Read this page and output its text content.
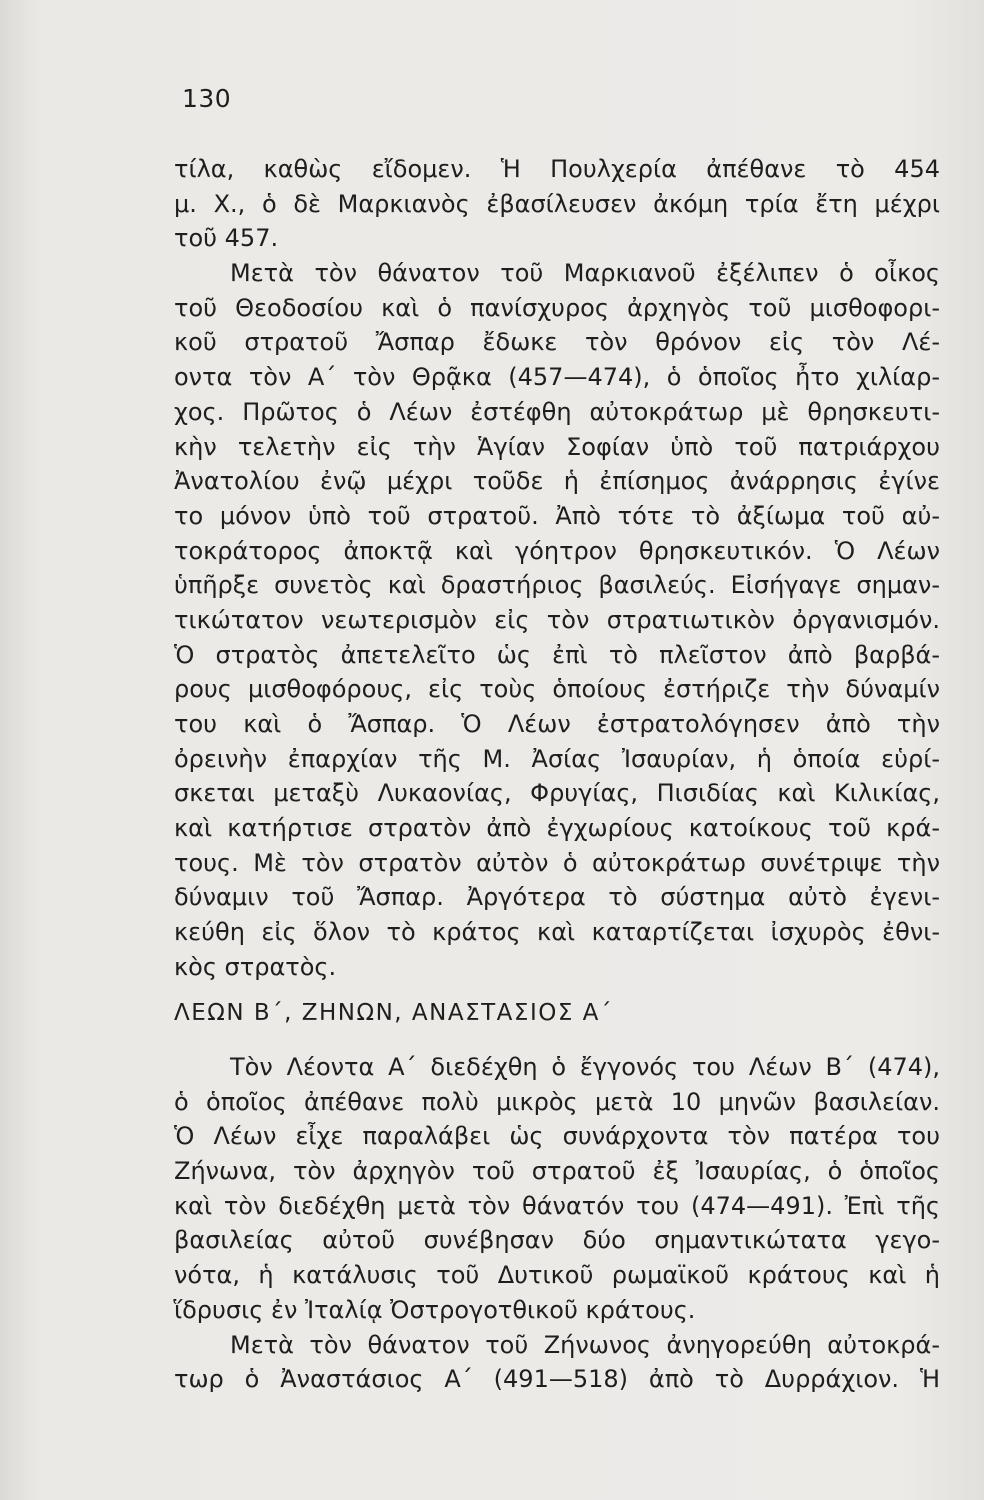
130
τίλα, καθὼς εἴδομεν. Ἡ Πουλχερία ἀπέθανε τὸ 454
μ. Χ., ὁ δὲ Μαρκιανὸς ἐβασίλευσεν ἀκόμη τρία ἔτη μέχρι
τοῦ 457.
Μετὰ τὸν θάνατον τοῦ Μαρκιανοῦ ἐξέλιπεν ὁ οἶκος
τοῦ Θεοδοσίου καὶ ὁ πανίσχυρος ἀρχηγὸς τοῦ μισθοφορι-
κοῦ στρατοῦ Ἄσπαρ ἔδωκε τὸν θρόνον εἰς τὸν Λέ-
οντα τὸν Α΄ τὸν Θρᾷκα (457—474), ὁ ὁποῖος ἦτο χιλίαρ-
χος. Πρῶτος ὁ Λέων ἐστέφθη αὐτοκράτωρ μὲ θρησκευτι-
κὴν τελετὴν εἰς τὴν Ἁγίαν Σοφίαν ὑπὸ τοῦ πατριάρχου
Ἀνατολίου ἐνῷ μέχρι τοῦδε ἡ ἐπίσημος ἀνάρρησις ἐγίνε
το μόνον ὑπὸ τοῦ στρατοῦ. Ἀπὸ τότε τὸ ἀξίωμα τοῦ αὐ-
τοκράτορος ἀποκτᾷ καὶ γόητρον θρησκευτικόν. Ὁ Λέων
ὑπῆρξε συνετὸς καὶ δραστήριος βασιλεύς. Εἰσήγαγε σημαν-
τικώτατον νεωτερισμὸν εἰς τὸν στρατιωτικὸν ὀργανισμόν.
Ὁ στρατὸς ἀπετελεῖτο ὡς ἐπὶ τὸ πλεῖστον ἀπὸ βαρβά-
ρους μισθοφόρους, εἰς τοὺς ὁποίους ἐστήριζε τὴν δύναμίν
του καὶ ὁ Ἄσπαρ. Ὁ Λέων ἐστρατολόγησεν ἀπὸ τὴν
ὀρεινὴν ἐπαρχίαν τῆς Μ. Ἀσίας Ἰσαυρίαν, ἡ ὁποία εὑρί-
σκεται μεταξὺ Λυκαονίας, Φρυγίας, Πισιδίας καὶ Κιλικίας,
καὶ κατήρτισε στρατὸν ἀπὸ ἐγχωρίους κατοίκους τοῦ κρά-
τους. Μὲ τὸν στρατὸν αὐτὸν ὁ αὐτοκράτωρ συνέτριψε τὴν
δύναμιν τοῦ Ἄσπαρ. Ἀργότερα τὸ σύστημα αὐτὸ ἐγενι-
κεύθη εἰς ὅλον τὸ κράτος καὶ καταρτίζεται ἰσχυρὸς ἐθνι-
κὸς στρατὸς.
ΛΕΩΝ Β΄, ΖΗΝΩΝ, ΑΝΑΣΤΑΣΙΟΣ Α΄
Τὸν Λέοντα Α΄ διεδέχθη ὁ ἔγγονός του Λέων Β΄ (474),
ὁ ὁποῖος ἀπέθανε πολὺ μικρὸς μετὰ 10 μηνῶν βασιλείαν.
Ὁ Λέων εἶχε παραλάβει ὡς συνάρχοντα τὸν πατέρα του
Ζήνωνα, τὸν ἀρχηγὸν τοῦ στρατοῦ ἐξ Ἰσαυρίας, ὁ ὁποῖος
καὶ τὸν διεδέχθη μετὰ τὸν θάνατόν του (474—491). Ἐπὶ τῆς
βασιλείας αὐτοῦ συνέβησαν δύο σημαντικώτατα γεγο-
νότα, ἡ κατάλυσις τοῦ Δυτικοῦ ρωμαϊκοῦ κράτους καὶ ἡ
ἵδρυσις ἐν Ἰταλίᾳ Ὀστρογοτθικοῦ κράτους.
Μετὰ τὸν θάνατον τοῦ Ζήνωνος ἀνηγορεύθη αὐτοκρά-
τωρ ὁ Ἀναστάσιος Α΄ (491—518) ἀπὸ τὸ Δυρράχιον. Ἡ
